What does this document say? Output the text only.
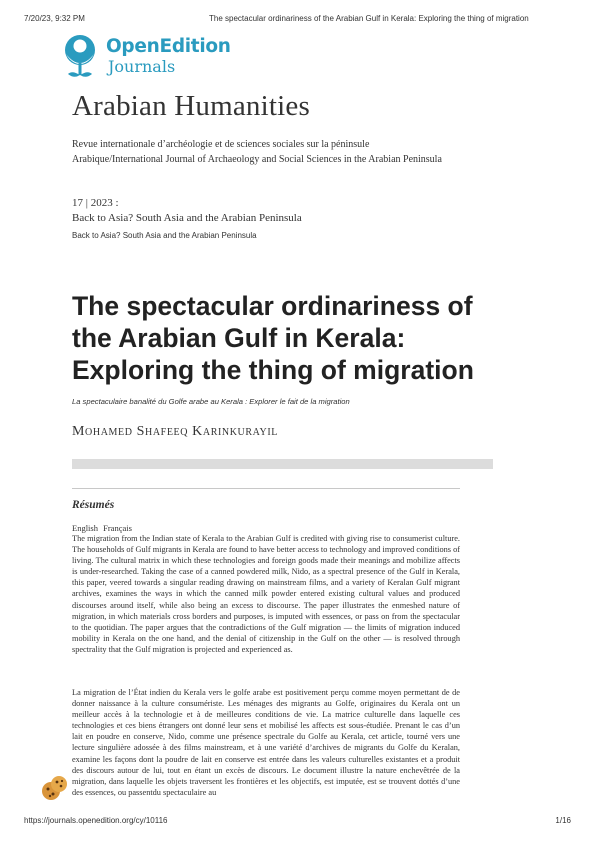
7/20/23, 9:32 PM	The spectacular ordinariness of the Arabian Gulf in Kerala: Exploring the thing of migration
OpenEdition
Journals
Arabian Humanities

Revue internationale d’archéologie et de sciences sociales sur la péninsule Arabique/International Journal of Archaeology and Social Sciences in the Arabian Peninsula

17 | 2023 :
Back to Asia? South Asia and the Arabian Peninsula
Back to Asia? South Asia and the Arabian Peninsula
The spectacular ordinariness of the Arabian Gulf in Kerala: Exploring the thing of migration
La spectaculaire banalité du Golfe arabe au Kerala : Explorer le fait de la migration
Mohamed Shafeeq Karinkurayil
Résumés
English Français

The migration from the Indian state of Kerala to the Arabian Gulf is credited with giving rise to consumerist culture. The households of Gulf migrants in Kerala are found to have better access to technology and improved conditions of living. The cultural matrix in which these technologies and foreign goods made their meanings and mobilize affects is under-researched. Taking the case of a canned powdered milk, Nido, as a spectral presence of the Gulf in Kerala, this paper, veered towards a singular reading drawing on mainstream films, and a variety of Keralan Gulf migrant archives, examines the ways in which the canned milk powder entered existing cultural values and produced discourses around itself, while also being an excess to discourse. The paper illustrates the enmeshed nature of migration, in which materials cross borders and purposes, is imputed with essences, or pass on from the spectacular to the quotidian. The paper argues that the contradictions of the Gulf migration — the limits of migration induced mobility in Kerala on the one hand, and the denial of citizenship in the Gulf on the other — is resolved through spectrality that the Gulf migration is projected and experienced as.

La migration de l’État indien du Kerala vers le golfe arabe est positivement perçu comme moyen permettant de de donner naissance à la culture consumériste. Les ménages des migrants au Golfe, originaires du Kerala ont un meilleur accès à la technologie et à de meilleures conditions de vie. La matrice culturelle dans laquelle ces technologies et ces biens étrangers ont donné leur sens et mobilisé les affects est sous-étudiée. Prenant le cas d’un lait en poudre en conserve, Nido, comme une présence spectrale du Golfe au Kerala, cet article, tourné vers une lecture singulière adossée à des films mainstream, et à une variété d’archives de migrants du Golfe du Keralan, examine les façons dont la poudre de lait en conserve est entrée dans les valeurs culturelles existantes et a produit des discours autour de lui, tout en étant un excès de discours. Le document illustre la nature enchevêtrée de la migration, dans laquelle les objets traversent les frontières et les objectifs, est imputée, est se trouvent dottés d’une des essences, ou passentdu spectaculaire au

https://journals.openedition.org/cy/10116	1/16
